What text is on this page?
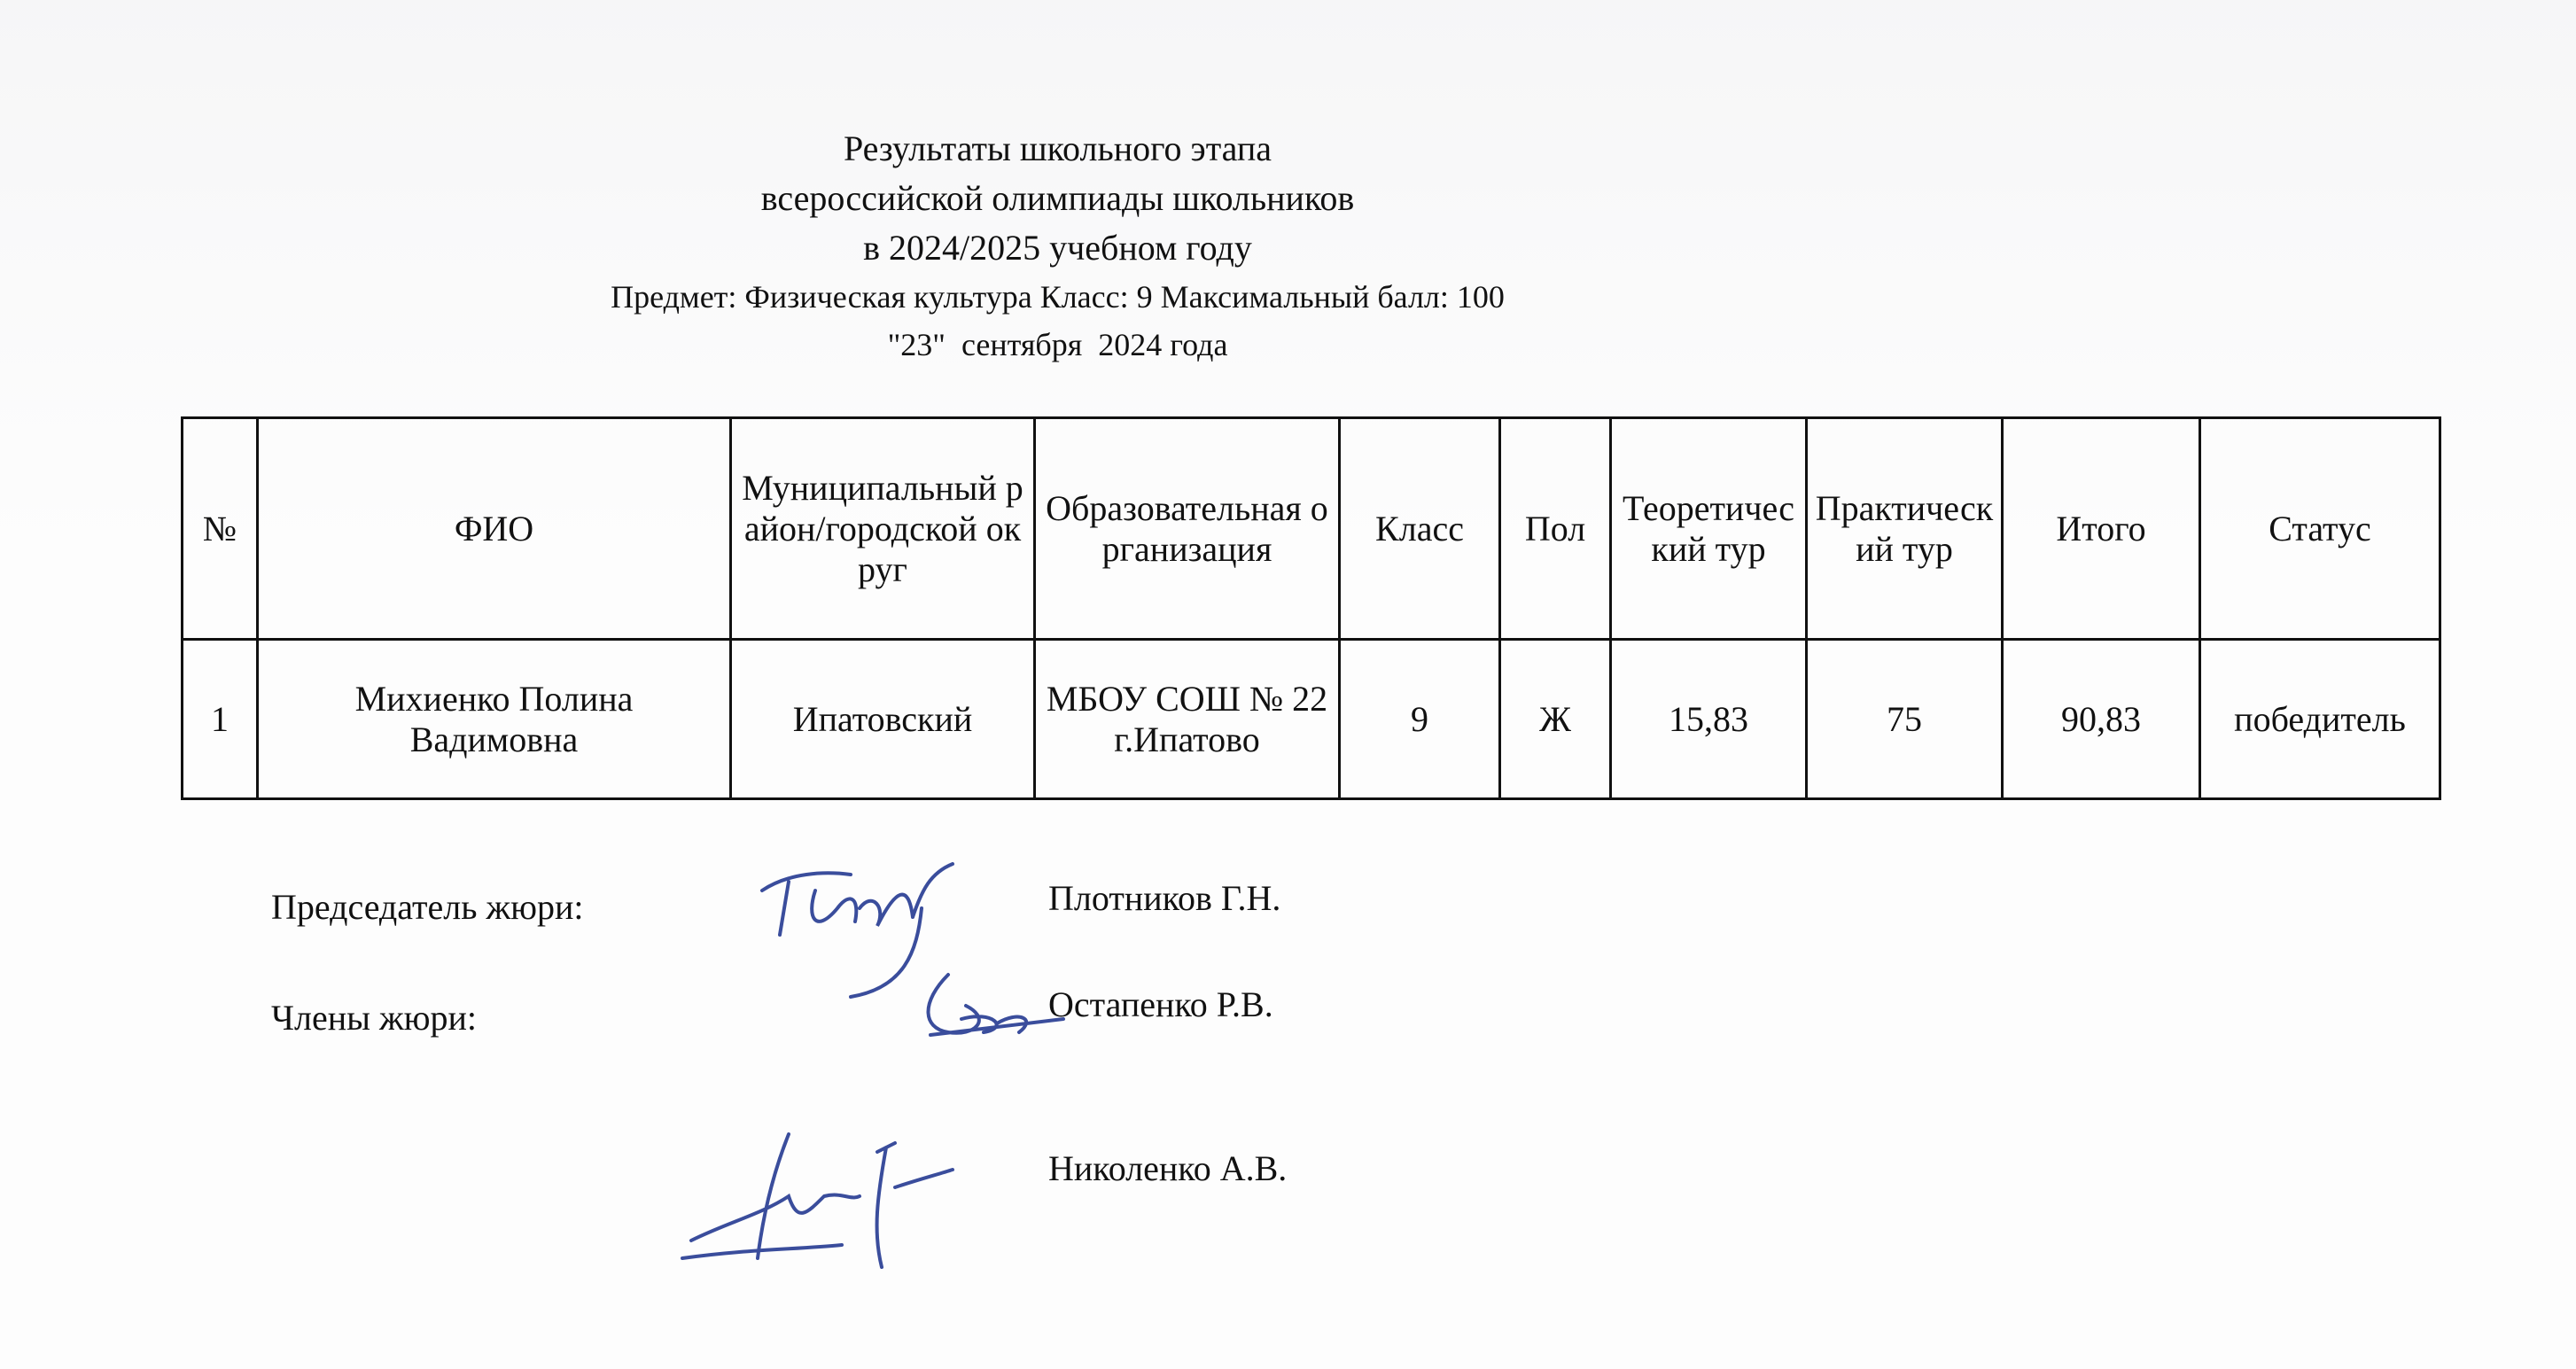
Результаты школьного этапа
всероссийской олимпиады школьников
в 2024/2025 учебном году
Предмет: Физическая культура Класс: 9 Максимальный балл: 100
"23"  сентября  2024 года
№	ФИО	Муниципальный район/городской округ	Образовательная организация	Класс	Пол	Теоретический тур	Практический тур	Итого	Статус
1	Михиенко Полина Вадимовна	Ипатовский	МБОУ СОШ № 22 г.Ипатово	9	Ж	15,83	75	90,83	победитель
Председатель жюри:	Плотников Г.Н.
Члены жюри:	Остапенко Р.В.
Николенко А.В.
